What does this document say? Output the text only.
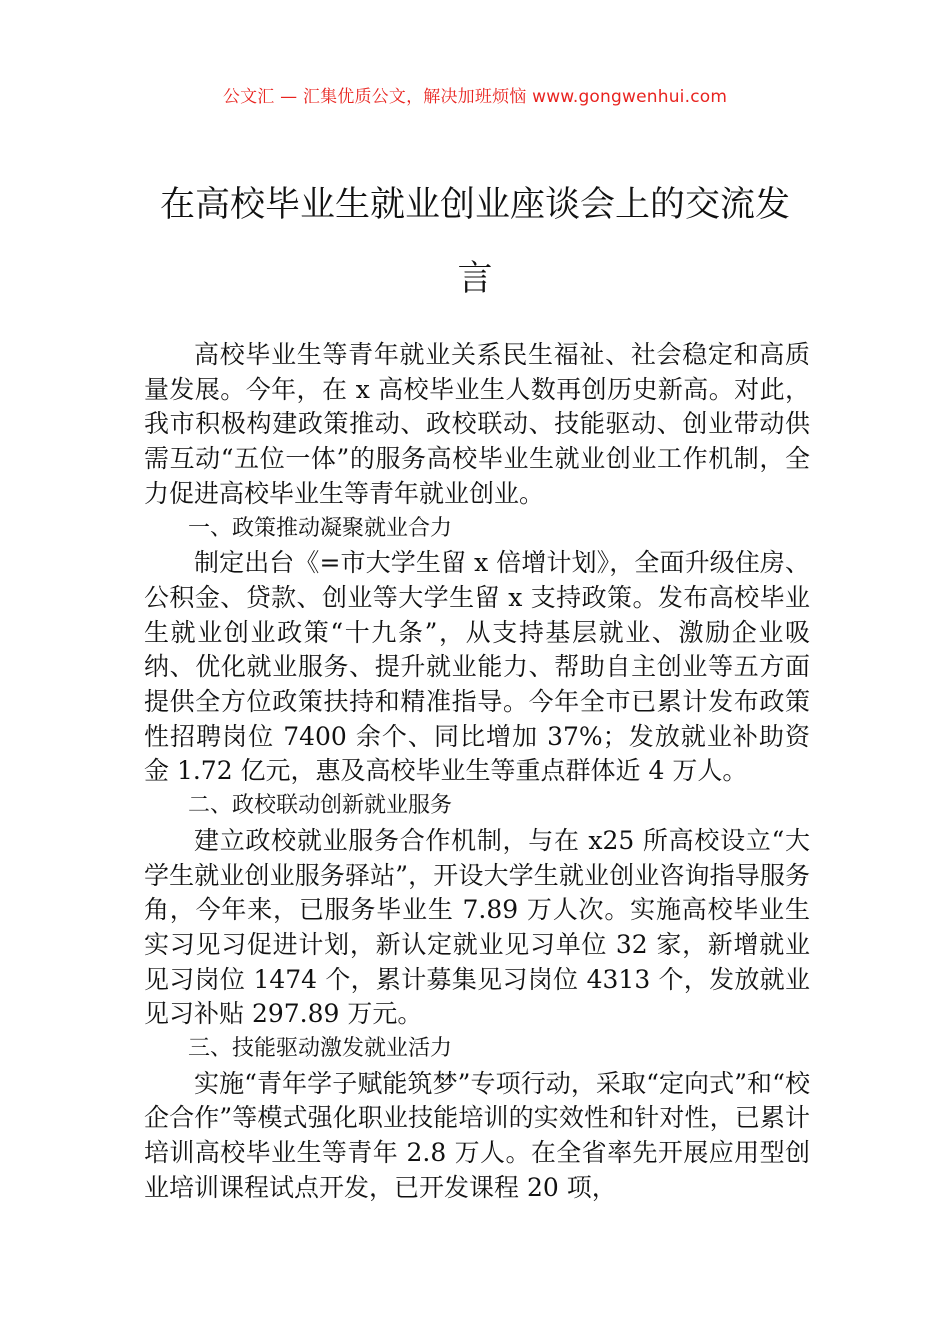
公文汇 — 汇集优质公文，解决加班烦恼 www.gongwenhui.com
在高校毕业生就业创业座谈会上的交流发言

高校毕业生等青年就业关系民生福祉、社会稳定和高质量发展。今年，在 x 高校毕业生人数再创历史新高。对此，我市积极构建政策推动、政校联动、技能驱动、创业带动供需互动“五位一体”的服务高校毕业生就业创业工作机制，全力促进高校毕业生等青年就业创业。

一、政策推动凝聚就业合力

制定出台《=市大学生留 x 倍增计划》，全面升级住房、公积金、贷款、创业等大学生留 x 支持政策。发布高校毕业生就业创业政策“十九条”，从支持基层就业、激励企业吸纳、优化就业服务、提升就业能力、帮助自主创业等五方面提供全方位政策扶持和精准指导。今年全市已累计发布政策性招聘岗位 7400 余个、同比增加 37%；发放就业补助资金 1.72 亿元，惠及高校毕业生等重点群体近 4 万人。

二、政校联动创新就业服务

建立政校就业服务合作机制，与在 x25 所高校设立“大学生就业创业服务驿站”，开设大学生就业创业咨询指导服务角，今年来，已服务毕业生 7.89 万人次。实施高校毕业生实习见习促进计划，新认定就业见习单位 32 家，新增就业见习岗位 1474 个，累计募集见习岗位 4313 个，发放就业见习补贴 297.89 万元。

三、技能驱动激发就业活力

实施“青年学子赋能筑梦”专项行动，采取“定向式”和“校企合作”等模式强化职业技能培训的实效性和针对性，已累计培训高校毕业生等青年 2.8 万人。在全省率先开展应用型创业培训课程试点开发，已开发课程 20 项，
